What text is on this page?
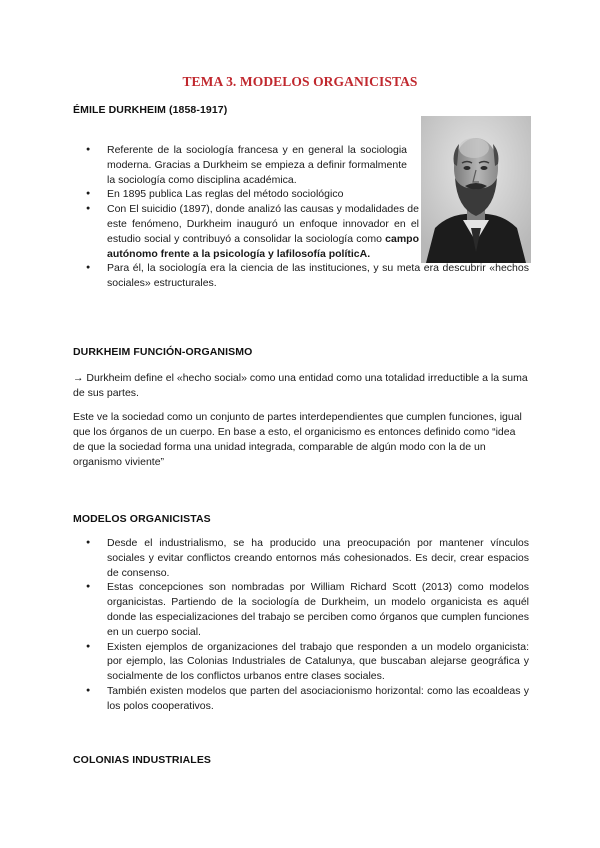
TEMA 3. MODELOS ORGANICISTAS
ÉMILE DURKHEIM (1858-1917)
● Referente de la sociología francesa y en general la sociologia moderna. Gracias a Durkheim se empieza a definir formalmente la sociología como disciplina académica.
● En 1895 publica Las reglas del método sociológico
● Con El suicidio (1897), donde analizó las causas y modalidades de este fenómeno, Durkheim inauguró un enfoque innovador en el estudio social y contribuyó a consolidar la sociología como campo autónomo frente a la psicología y lafilosofía políticA.
● Para él, la sociología era la ciencia de las instituciones, y su meta era descubrir «hechos sociales» estructurales.
DURKHEIM FUNCIÓN-ORGANISMO

→ Durkheim define el «hecho social» como una entidad como una totalidad irreductible a la suma de sus partes.

Este ve la sociedad como un conjunto de partes interdependientes que cumplen funciones, igual que los órganos de un cuerpo. En base a esto, el organicismo es entonces definido como “idea de que la sociedad forma una unidad integrada, comparable de algún modo con la de un organismo viviente”

MODELOS ORGANICISTAS
● Desde el industrialismo, se ha producido una preocupación por mantener vínculos sociales y evitar conflictos creando entornos más cohesionados. Es decir, crear espacios de consenso.
● Estas concepciones son nombradas por William Richard Scott (2013) como modelos organicistas. Partiendo de la sociología de Durkheim, un modelo organicista es aquél donde las especializaciones del trabajo se perciben como órganos que cumplen funciones en un cuerpo social.
● Existen ejemplos de organizaciones del trabajo que responden a un modelo organicista: por ejemplo, las Colonias Industriales de Catalunya, que buscaban alejarse geográfica y socialmente de los conflictos urbanos entre clases sociales.
● También existen modelos que parten del asociacionismo horizontal: como las ecoaldeas y los polos cooperativos.
COLONIAS INDUSTRIALES
